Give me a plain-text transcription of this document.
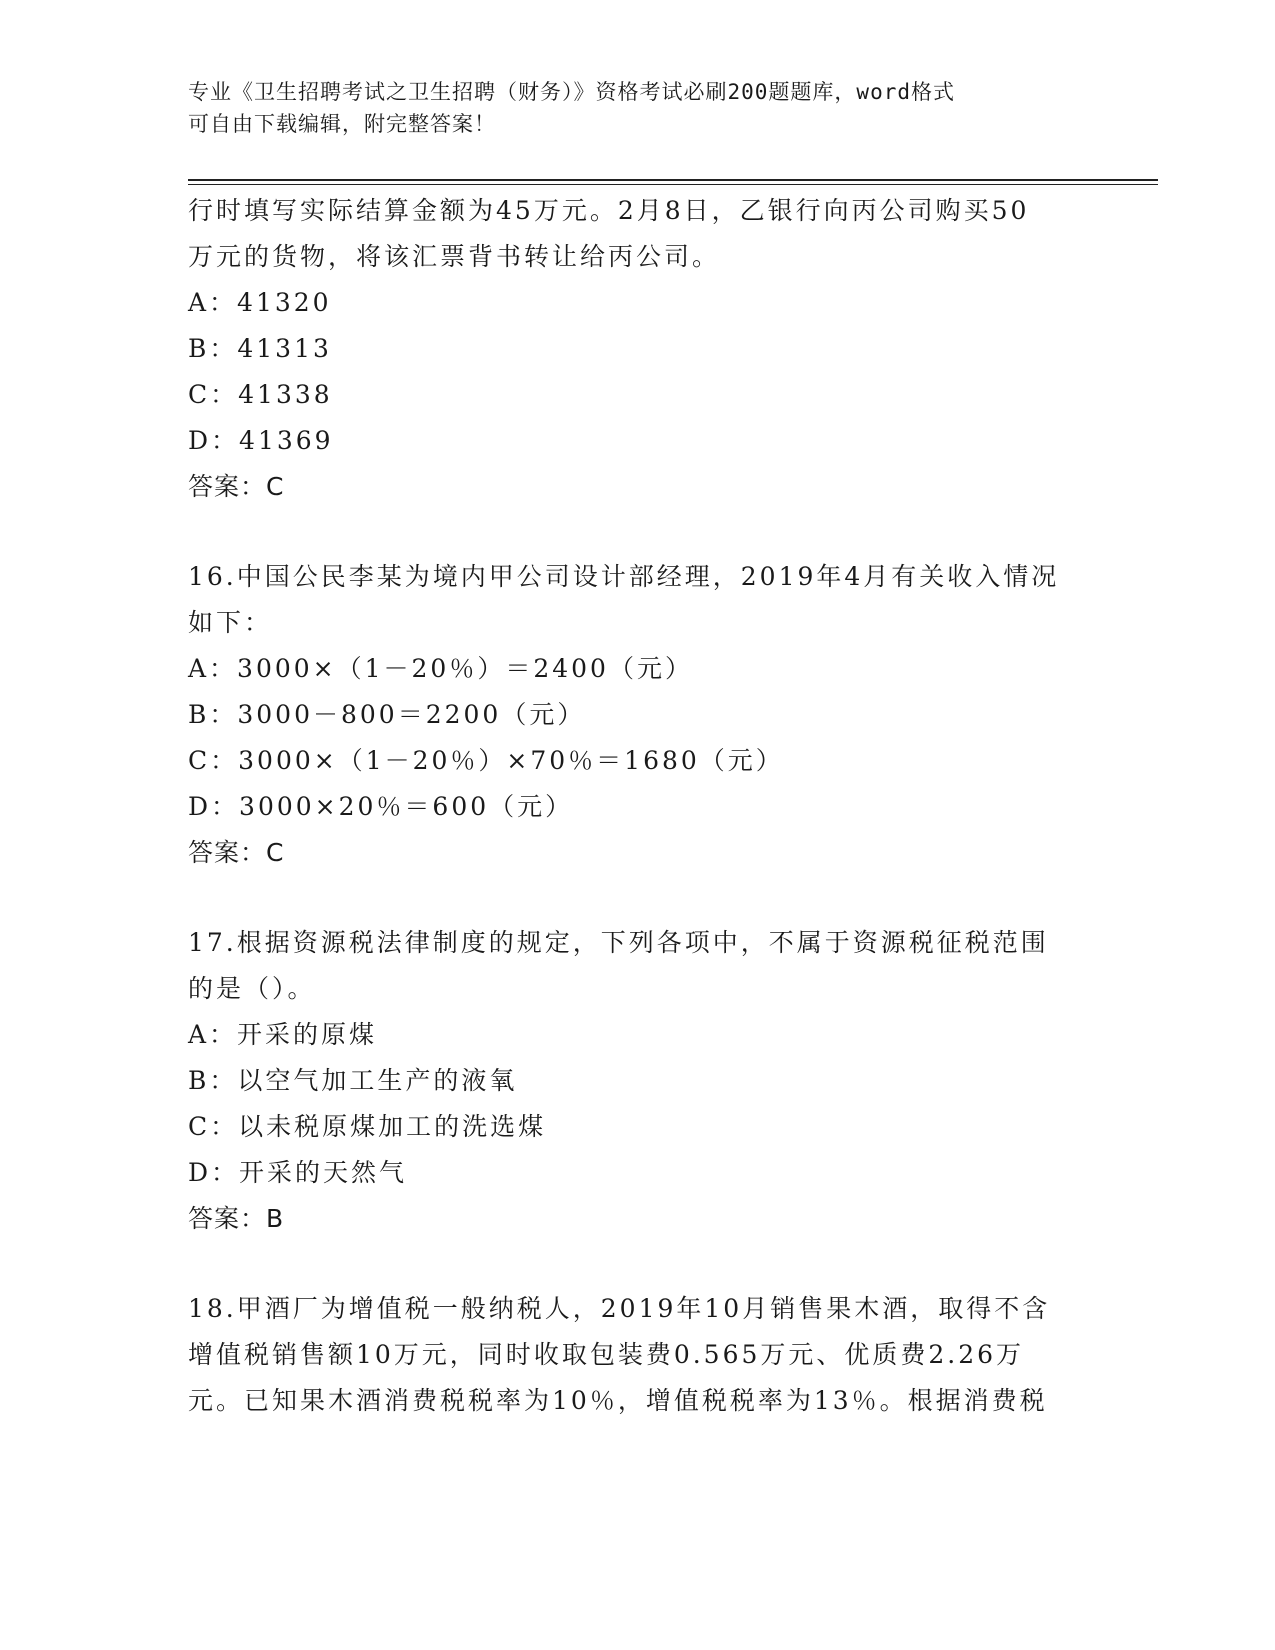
专业《卫生招聘考试之卫生招聘（财务）》资格考试必刷200题题库，word格式
可自由下载编辑，附完整答案！
行时填写实际结算金额为45万元。2月8日，乙银行向丙公司购买50
万元的货物，将该汇票背书转让给丙公司。
A：41320
B：41313
C：41338
D：41369
答案：C
16.中国公民李某为境内甲公司设计部经理，2019年4月有关收入情况
如下：
A：3000×（1－20％）＝2400（元）
B：3000－800＝2200（元）
C：3000×（1－20％）×70％＝1680（元）
D：3000×20％＝600（元）
答案：C
17.根据资源税法律制度的规定，下列各项中，不属于资源税征税范围
的是（）。
A：开采的原煤
B：以空气加工生产的液氧
C：以未税原煤加工的洗选煤
D：开采的天然气
答案：B
18.甲酒厂为增值税一般纳税人，2019年10月销售果木酒，取得不含
增值税销售额10万元，同时收取包装费0.565万元、优质费2.26万
元。已知果木酒消费税税率为10％，增值税税率为13％。根据消费税
